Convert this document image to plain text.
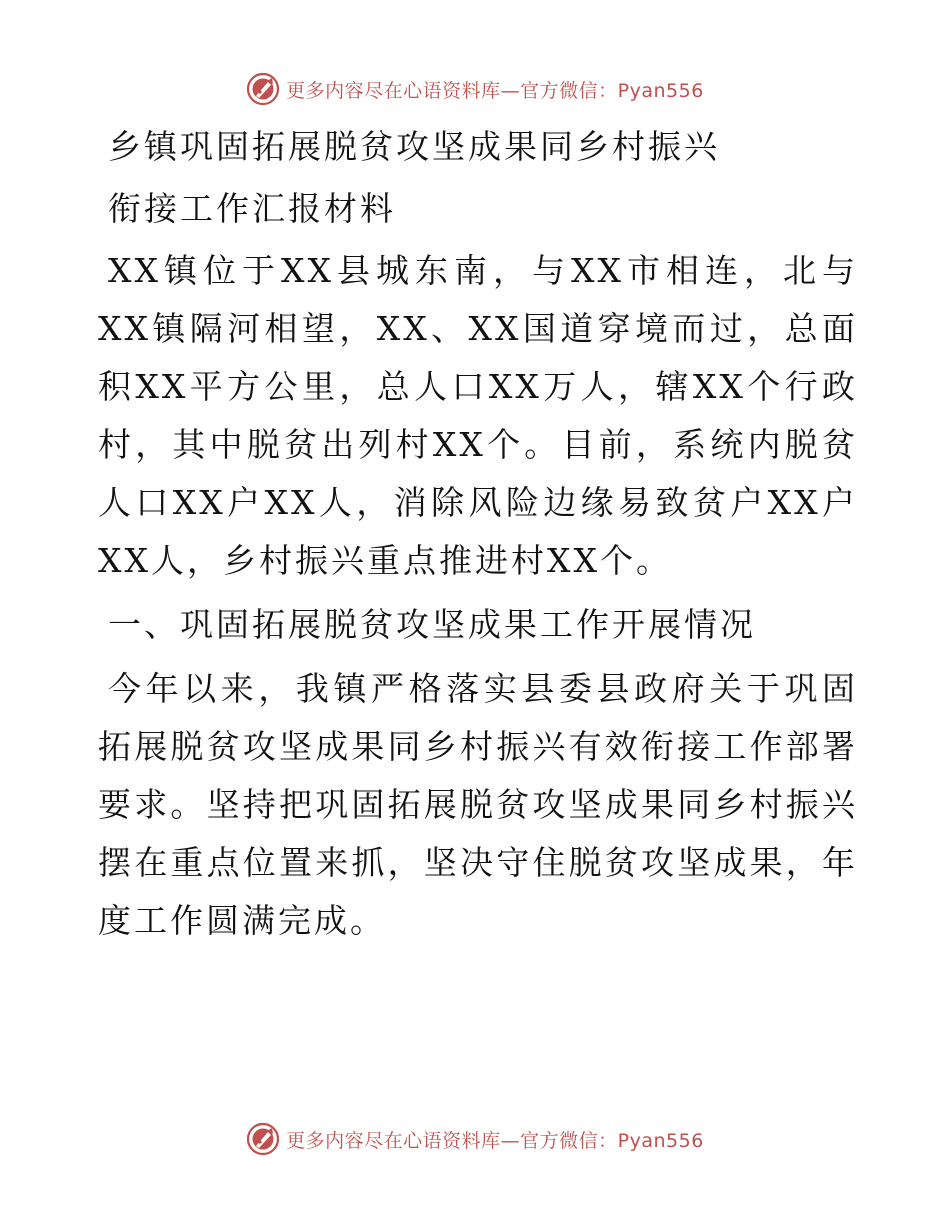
更多内容尽在心语资料库—官方微信：Pyan556

乡镇巩固拓展脱贫攻坚成果同乡村振兴

衔接工作汇报材料

XX镇位于XX县城东南，与XX市相连，北与XX镇隔河相望，XX、XX国道穿境而过，总面积XX平方公里，总人口XX万人，辖XX个行政村，其中脱贫出列村XX个。目前，系统内脱贫人口XX户XX人，消除风险边缘易致贫户XX户XX人，乡村振兴重点推进村XX个。

一、巩固拓展脱贫攻坚成果工作开展情况

今年以来，我镇严格落实县委县政府关于巩固拓展脱贫攻坚成果同乡村振兴有效衔接工作部署要求。坚持把巩固拓展脱贫攻坚成果同乡村振兴摆在重点位置来抓，坚决守住脱贫攻坚成果，年度工作圆满完成。

更多内容尽在心语资料库—官方微信：Pyan556
